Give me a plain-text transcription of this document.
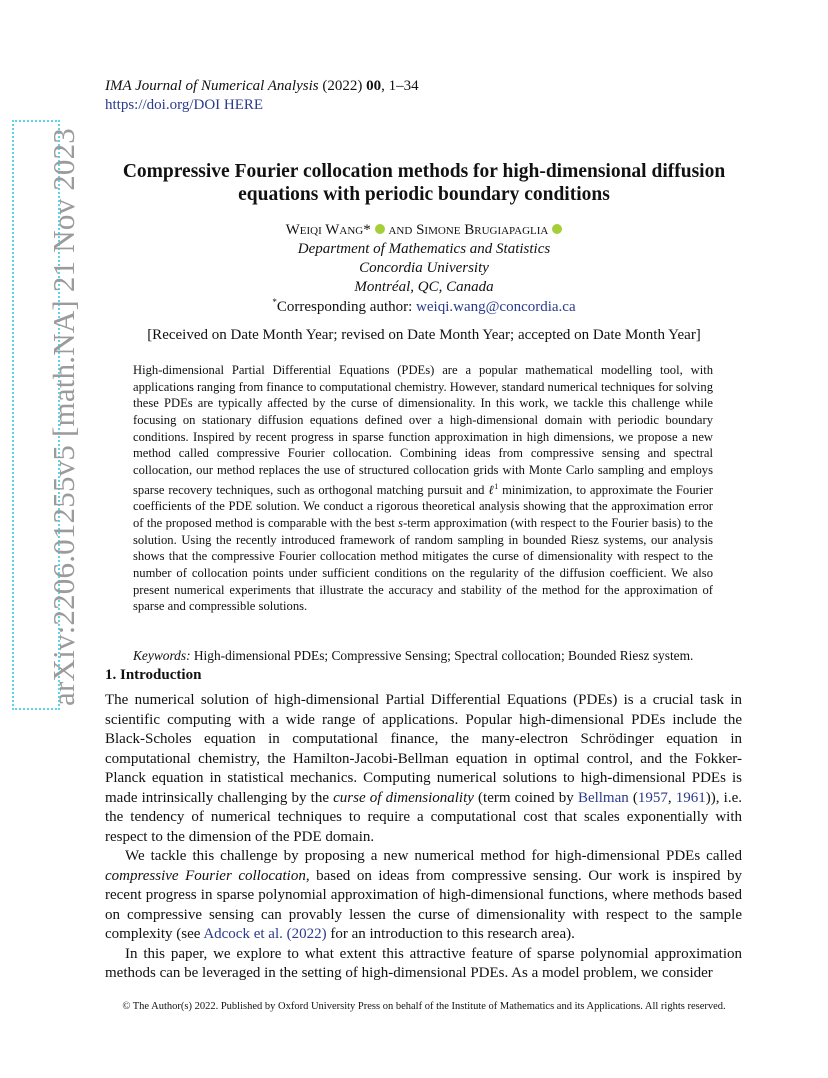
arXiv:2206.01255v5 [math.NA] 21 Nov 2023
IMA Journal of Numerical Analysis (2022) 00, 1–34
https://doi.org/DOI HERE
Compressive Fourier collocation methods for high-dimensional diffusion equations with periodic boundary conditions
Weiqi Wang* and Simone Brugiapaglia
Department of Mathematics and Statistics
Concordia University
Montréal, QC, Canada
*Corresponding author: weiqi.wang@concordia.ca
[Received on Date Month Year; revised on Date Month Year; accepted on Date Month Year]
High-dimensional Partial Differential Equations (PDEs) are a popular mathematical modelling tool, with applications ranging from finance to computational chemistry. However, standard numerical techniques for solving these PDEs are typically affected by the curse of dimensionality. In this work, we tackle this challenge while focusing on stationary diffusion equations defined over a high-dimensional domain with periodic boundary conditions. Inspired by recent progress in sparse function approximation in high dimensions, we propose a new method called compressive Fourier collocation. Combining ideas from compressive sensing and spectral collocation, our method replaces the use of structured collocation grids with Monte Carlo sampling and employs sparse recovery techniques, such as orthogonal matching pursuit and ℓ$^1$ minimization, to approximate the Fourier coefficients of the PDE solution. We conduct a rigorous theoretical analysis showing that the approximation error of the proposed method is comparable with the best s-term approximation (with respect to the Fourier basis) to the solution. Using the recently introduced framework of random sampling in bounded Riesz systems, our analysis shows that the compressive Fourier collocation method mitigates the curse of dimensionality with respect to the number of collocation points under sufficient conditions on the regularity of the diffusion coefficient. We also present numerical experiments that illustrate the accuracy and stability of the method for the approximation of sparse and compressible solutions.
Keywords: High-dimensional PDEs; Compressive Sensing; Spectral collocation; Bounded Riesz system.
1. Introduction

The numerical solution of high-dimensional Partial Differential Equations (PDEs) is a crucial task in scientific computing with a wide range of applications. Popular high-dimensional PDEs include the Black-Scholes equation in computational finance, the many-electron Schrödinger equation in computational chemistry, the Hamilton-Jacobi-Bellman equation in optimal control, and the Fokker-Planck equation in statistical mechanics. Computing numerical solutions to high-dimensional PDEs is made intrinsically challenging by the curse of dimensionality (term coined by Bellman (1957, 1961)), i.e. the tendency of numerical techniques to require a computational cost that scales exponentially with respect to the dimension of the PDE domain.

We tackle this challenge by proposing a new numerical method for high-dimensional PDEs called compressive Fourier collocation, based on ideas from compressive sensing. Our work is inspired by recent progress in sparse polynomial approximation of high-dimensional functions, where methods based on compressive sensing can provably lessen the curse of dimensionality with respect to the sample complexity (see Adcock et al. (2022) for an introduction to this research area).

In this paper, we explore to what extent this attractive feature of sparse polynomial approximation methods can be leveraged in the setting of high-dimensional PDEs. As a model problem, we consider

© The Author(s) 2022. Published by Oxford University Press on behalf of the Institute of Mathematics and its Applications. All rights reserved.
